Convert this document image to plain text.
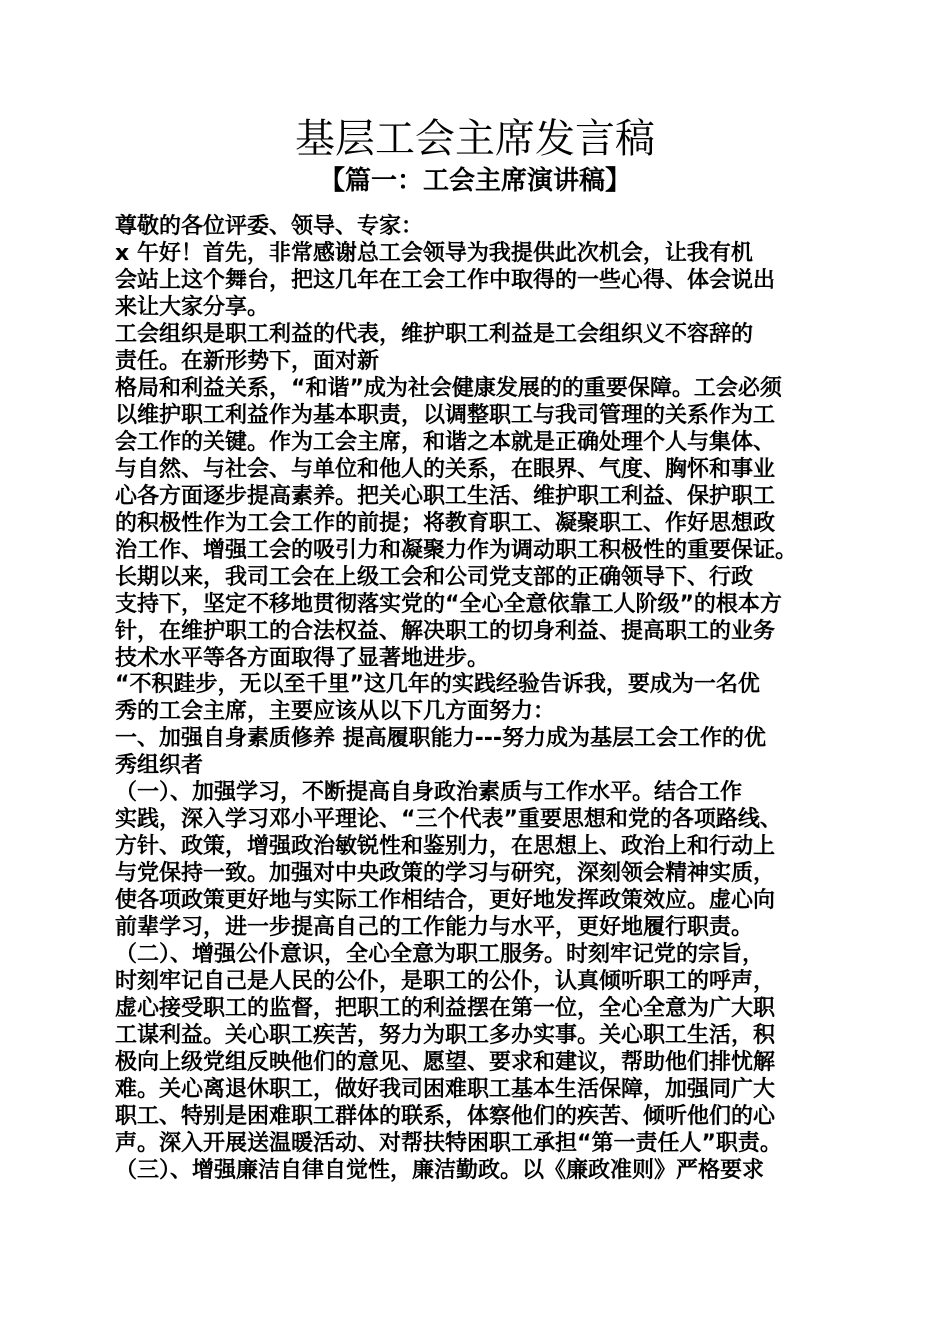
基层工会主席发言稿
【篇一：工会主席演讲稿】
尊敬的各位评委、领导、专家：
x 午好！首先，非常感谢总工会领导为我提供此次机会，让我有机
会站上这个舞台，把这几年在工会工作中取得的一些心得、体会说出
来让大家分享。
工会组织是职工利益的代表，维护职工利益是工会组织义不容辞的
责任。在新形势下，面对新
格局和利益关系，“和谐”成为社会健康发展的的重要保障。工会必须
以维护职工利益作为基本职责，以调整职工与我司管理的关系作为工
会工作的关键。作为工会主席，和谐之本就是正确处理个人与集体、
与自然、与社会、与单位和他人的关系，在眼界、气度、胸怀和事业
心各方面逐步提高素养。把关心职工生活、维护职工利益、保护职工
的积极性作为工会工作的前提；将教育职工、凝聚职工、作好思想政
治工作、增强工会的吸引力和凝聚力作为调动职工积极性的重要保证。
长期以来，我司工会在上级工会和公司党支部的正确领导下、行政
支持下，坚定不移地贯彻落实党的“全心全意依靠工人阶级”的根本方
针，在维护职工的合法权益、解决职工的切身利益、提高职工的业务
技术水平等各方面取得了显著地进步。
“不积跬步，无以至千里”这几年的实践经验告诉我，要成为一名优
秀的工会主席，主要应该从以下几方面努力：
一、加强自身素质修养 提高履职能力---努力成为基层工会工作的优
秀组织者
（一）、加强学习，不断提高自身政治素质与工作水平。结合工作
实践，深入学习邓小平理论、“三个代表”重要思想和党的各项路线、
方针、政策，增强政治敏锐性和鉴别力，在思想上、政治上和行动上
与党保持一致。加强对中央政策的学习与研究，深刻领会精神实质，
使各项政策更好地与实际工作相结合，更好地发挥政策效应。虚心向
前辈学习，进一步提高自己的工作能力与水平，更好地履行职责。
（二）、增强公仆意识，全心全意为职工服务。时刻牢记党的宗旨，
时刻牢记自己是人民的公仆，是职工的公仆，认真倾听职工的呼声，
虚心接受职工的监督，把职工的利益摆在第一位，全心全意为广大职
工谋利益。关心职工疾苦，努力为职工多办实事。关心职工生活，积
极向上级党组反映他们的意见、愿望、要求和建议，帮助他们排忧解
难。关心离退休职工，做好我司困难职工基本生活保障，加强同广大
职工、特别是困难职工群体的联系，体察他们的疾苦、倾听他们的心
声。深入开展送温暖活动、对帮扶特困职工承担“第一责任人”职责。
（三）、增强廉洁自律自觉性，廉洁勤政。以《廉政准则》严格要求
